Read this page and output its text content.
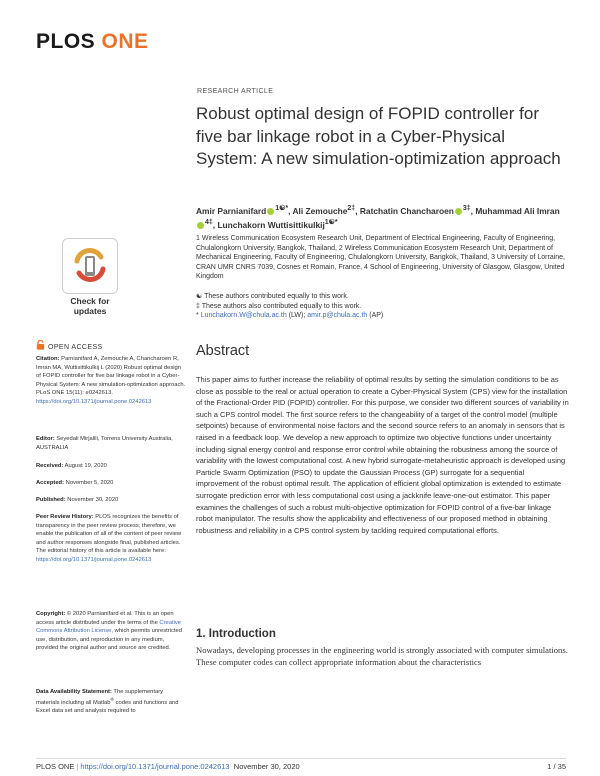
PLOS ONE
Check for updates
OPEN ACCESS
Citation: Parnianifard A, Zemouche A, Chancharoen R, Imran MA, Wuttisittikulkij L (2020) Robust optimal design of FOPID controller for five bar linkage robot in a Cyber-Physical System: A new simulation-optimization approach. PLoS ONE 15(11): e0242613. https://doi.org/10.1371/journal.pone.0242613
Editor: Seyedali Mirjalili, Torrens University Australia, AUSTRALIA
Received: August 19, 2020
Accepted: November 5, 2020
Published: November 30, 2020
Peer Review History: PLOS recognizes the benefits of transparency in the peer review process; therefore, we enable the publication of all of the content of peer review and author responses alongside final, published articles. The editorial history of this article is available here: https://doi.org/10.1371/journal.pone.0242613
Copyright: © 2020 Parnianifard et al. This is an open access article distributed under the terms of the Creative Commons Attribution License, which permits unrestricted use, distribution, and reproduction in any medium, provided the original author and source are credited.
Data Availability Statement: The supplementary materials including all Matlab® codes and functions and Excel data set and analysis required to
RESEARCH ARTICLE
Robust optimal design of FOPID controller for five bar linkage robot in a Cyber-Physical System: A new simulation-optimization approach
Amir Parnianifard $^{1☯*}$, Ali Zemouche$^{2\ddagger}$, Ratchatin Chancharoen $^{3\ddagger}$, Muhammad Ali Imran$^{4\ddagger}$, Lunchakorn Wuttisittikulkij$^{1☯*}$
1 Wireless Communication Ecosystem Research Unit, Department of Electrical Engineering, Faculty of Engineering, Chulalongkorn University, Bangkok, Thailand, 2 Wireless Communication Ecosystem Research Unit, Department of Mechanical Engineering, Faculty of Engineering, Chulalongkorn University, Bangkok, Thailand, 3 University of Lorraine, CRAN UMR CNRS 7039, Cosnes et Romain, France, 4 School of Engineering, University of Glasgow, Glasgow, United Kingdom
☯ These authors contributed equally to this work.
‡ These authors also contributed equally to this work.
* Lunchakorn.W@chula.ac.th (LW); amir.p@chula.ac.th (AP)
Abstract

This paper aims to further increase the reliability of optimal results by setting the simulation conditions to be as close as possible to the real or actual operation to create a Cyber-Physical System (CPS) view for the installation of the Fractional-Order PID (FOPID) controller. For this purpose, we consider two different sources of variability in such a CPS control model. The first source refers to the changeability of a target of the control model (multiple setpoints) because of environmental noise factors and the second source refers to an anomaly in sensors that is raised in a feedback loop. We develop a new approach to optimize two objective functions under uncertainty including signal energy control and response error control while obtaining the robustness among the source of variability with the lowest computational cost. A new hybrid surrogate-metaheuristic approach is developed using Particle Swarm Optimization (PSO) to update the Gaussian Process (GP) surrogate for a sequential improvement of the robust optimal result. The application of efficient global optimization is extended to estimate surrogate prediction error with less computational cost using a jackknife leave-one-out estimator. This paper examines the challenges of such a robust multi-objective optimization for FOPID control of a five-bar linkage robot manipulator. The results show the applicability and effectiveness of our proposed method in obtaining robustness and reliability in a CPS control system by tackling required computational efforts.

1. Introduction

Nowadays, developing processes in the engineering world is strongly associated with computer simulations. These computer codes can collect appropriate information about the characteristics

PLOS ONE | https://doi.org/10.1371/journal.pone.0242613 November 30, 2020	1 / 35
